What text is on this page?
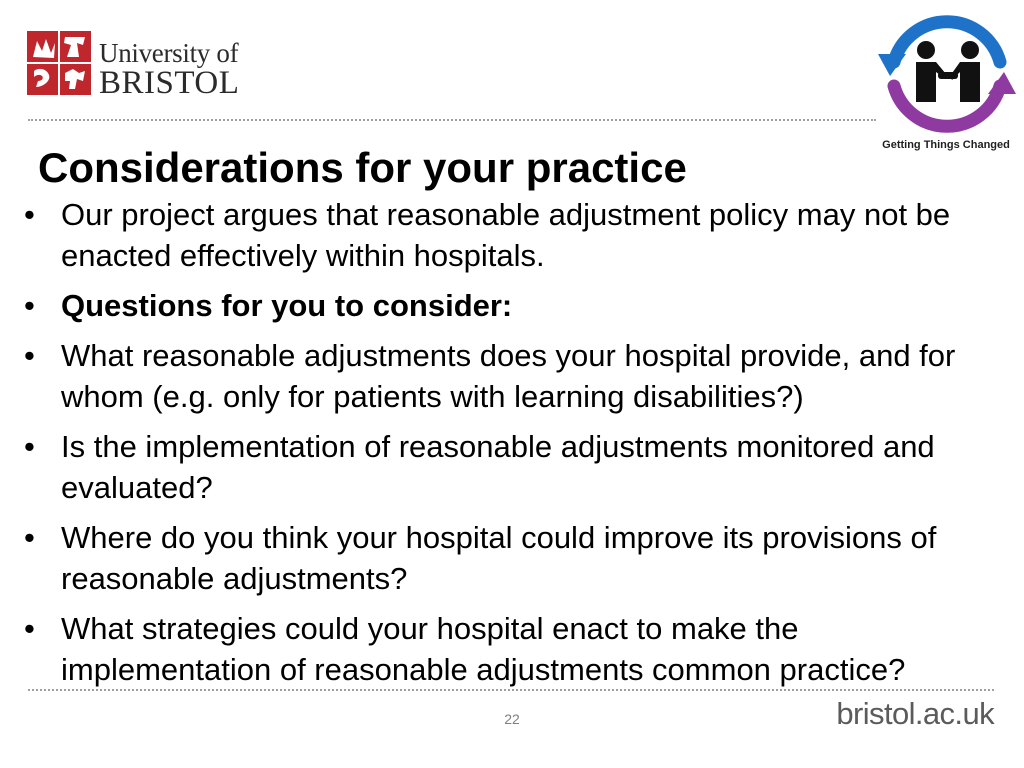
University of
BRISTOL
Getting Things Changed
Considerations for your practice
• Our project argues that reasonable adjustment policy may not be enacted effectively within hospitals.
• Questions for you to consider:
• What reasonable adjustments does your hospital provide, and for whom (e.g. only for patients with learning disabilities?)
• Is the implementation of reasonable adjustments monitored and evaluated?
• Where do you think your hospital could improve its provisions of reasonable adjustments?
• What strategies could your hospital enact to make the implementation of reasonable adjustments common practice?
22	bristol.ac.uk
